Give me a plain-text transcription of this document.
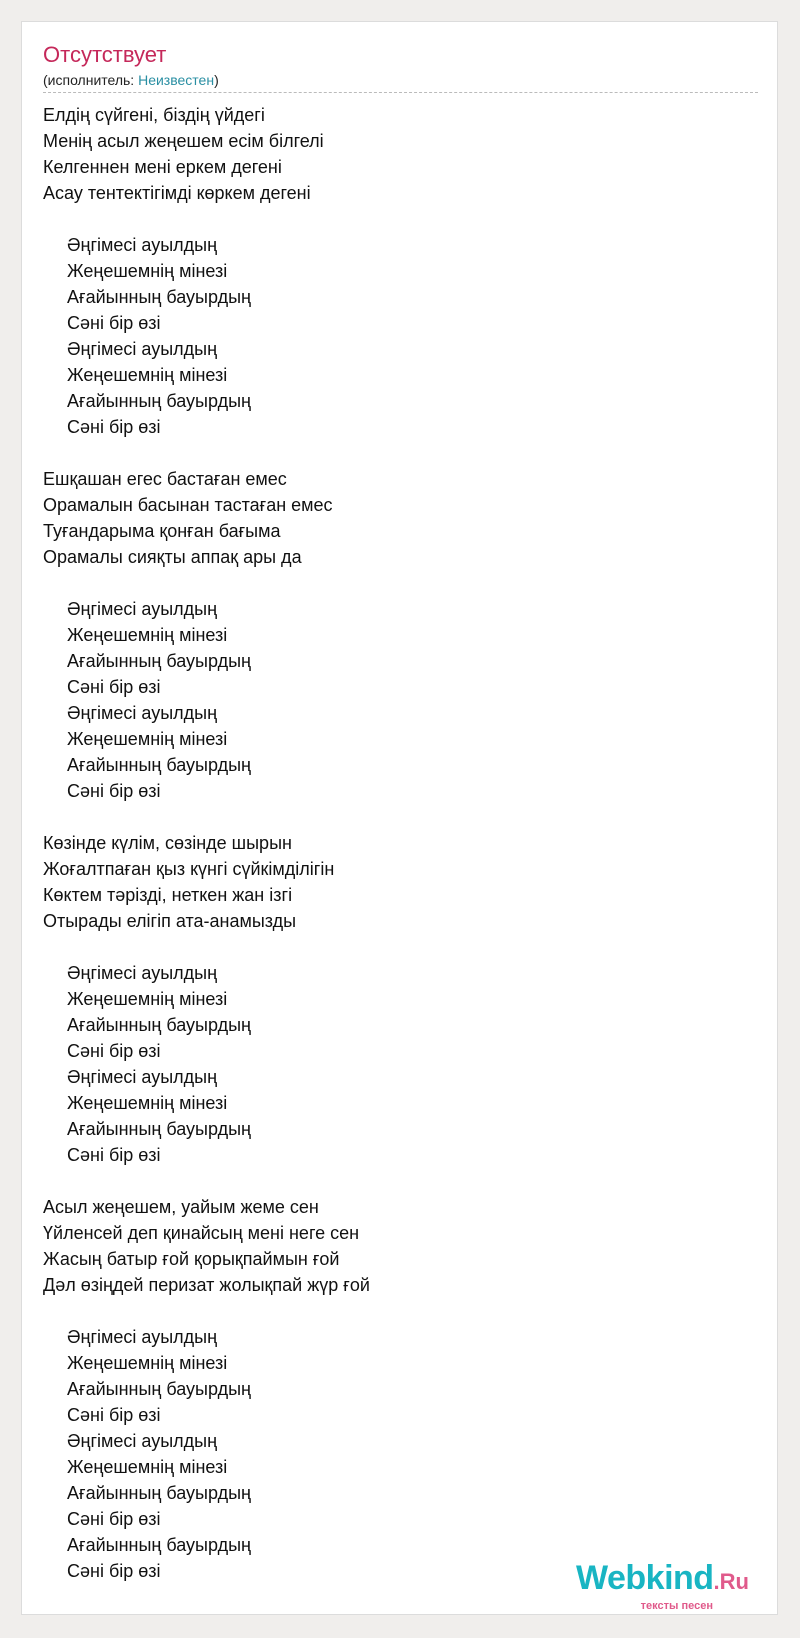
Отсутствует
(исполнитель: Неизвестен)
Елдің сүйгені, біздің үйдегі
Менің асыл жеңешем есім білгелі
Келгеннен мені еркем дегені
Асау тентектігімді көркем дегені
Әңгімесі ауылдың
Жеңешемнің мінезі
Ағайынның бауырдың
Сәні бір өзі
Әңгімесі ауылдың
Жеңешемнің мінезі
Ағайынның бауырдың
Сәні бір өзі
Ешқашан егес бастаған емес
Орамалын басынан тастаған емес
Туғандарыма қонған бағыма
Орамалы сияқты аппақ ары да
Әңгімесі ауылдың
Жеңешемнің мінезі
Ағайынның бауырдың
Сәні бір өзі
Әңгімесі ауылдың
Жеңешемнің мінезі
Ағайынның бауырдың
Сәні бір өзі
Көзінде күлім, сөзінде шырын
Жоғалтпаған қыз күнгі сүйкімділігін
Көктем тәрізді, неткен жан ізгі
Отырады елігіп ата-анамызды
Әңгімесі ауылдың
Жеңешемнің мінезі
Ағайынның бауырдың
Сәні бір өзі
Әңгімесі ауылдың
Жеңешемнің мінезі
Ағайынның бауырдың
Сәні бір өзі
Асыл жеңешем, уайым жеме сен
Үйленсей деп қинайсың мені неге сен
Жасың батыр ғой қорықпаймын ғой
Дәл өзіңдей перизат жолықпай жүр ғой
Әңгімесі ауылдың
Жеңешемнің мінезі
Ағайынның бауырдың
Сәні бір өзі
Әңгімесі ауылдың
Жеңешемнің мінезі
Ағайынның бауырдың
Сәні бір өзі
Ағайынның бауырдың
Сәні бір өзі	Webkind.Ru
тексты песен
